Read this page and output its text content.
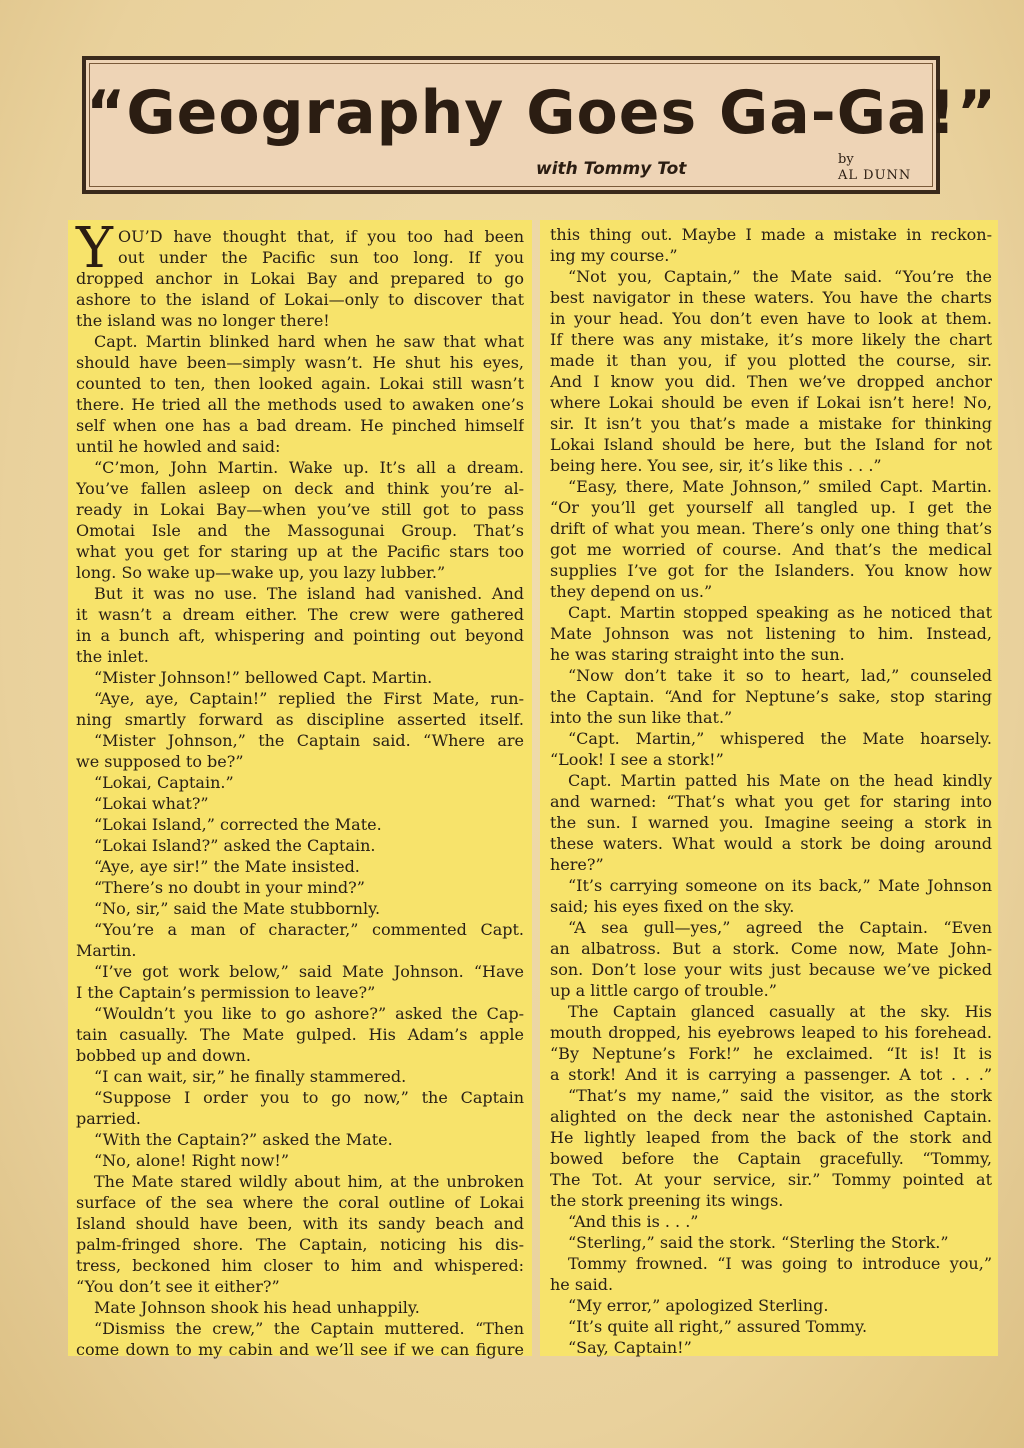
“Geography Goes Ga-Ga!”
with Tommy Tot	by
AL DUNN
Y OU’D have thought that, if you too had been
out under the Pacific sun too long. If you
dropped anchor in Lokai Bay and prepared to go
ashore to the island of Lokai—only to discover that
the island was no longer there!
Capt. Martin blinked hard when he saw that what
should have been—simply wasn’t. He shut his eyes,
counted to ten, then looked again. Lokai still wasn’t
there. He tried all the methods used to awaken one’s
self when one has a bad dream. He pinched himself
until he howled and said:
“C’mon, John Martin. Wake up. It’s all a dream.
You’ve fallen asleep on deck and think you’re al-
ready in Lokai Bay—when you’ve still got to pass
Omotai Isle and the Massogunai Group. That’s
what you get for staring up at the Pacific stars too
long. So wake up—wake up, you lazy lubber.”
But it was no use. The island had vanished. And
it wasn’t a dream either. The crew were gathered
in a bunch aft, whispering and pointing out beyond
the inlet.
“Mister Johnson!” bellowed Capt. Martin.
“Aye, aye, Captain!” replied the First Mate, run-
ning smartly forward as discipline asserted itself.
“Mister Johnson,” the Captain said. “Where are
we supposed to be?”
“Lokai, Captain.”
“Lokai what?”
“Lokai Island,” corrected the Mate.
“Lokai Island?” asked the Captain.
“Aye, aye sir!” the Mate insisted.
“There’s no doubt in your mind?”
“No, sir,” said the Mate stubbornly.
“You’re a man of character,” commented Capt.
Martin.
“I’ve got work below,” said Mate Johnson. “Have
I the Captain’s permission to leave?”
“Wouldn’t you like to go ashore?” asked the Cap-
tain casually. The Mate gulped. His Adam’s apple
bobbed up and down.
“I can wait, sir,” he finally stammered.
“Suppose I order you to go now,” the Captain
parried.
“With the Captain?” asked the Mate.
“No, alone! Right now!”
The Mate stared wildly about him, at the unbroken
surface of the sea where the coral outline of Lokai
Island should have been, with its sandy beach and
palm-fringed shore. The Captain, noticing his dis-
tress, beckoned him closer to him and whispered:
“You don’t see it either?”
Mate Johnson shook his head unhappily.
“Dismiss the crew,” the Captain muttered. “Then
come down to my cabin and we’ll see if we can figure
this thing out. Maybe I made a mistake in reckon-
ing my course.”
“Not you, Captain,” the Mate said. “You’re the
best navigator in these waters. You have the charts
in your head. You don’t even have to look at them.
If there was any mistake, it’s more likely the chart
made it than you, if you plotted the course, sir.
And I know you did. Then we’ve dropped anchor
where Lokai should be even if Lokai isn’t here! No,
sir. It isn’t you that’s made a mistake for thinking
Lokai Island should be here, but the Island for not
being here. You see, sir, it’s like this . . .”
“Easy, there, Mate Johnson,” smiled Capt. Martin.
“Or you’ll get yourself all tangled up. I get the
drift of what you mean. There’s only one thing that’s
got me worried of course. And that’s the medical
supplies I’ve got for the Islanders. You know how
they depend on us.”
Capt. Martin stopped speaking as he noticed that
Mate Johnson was not listening to him. Instead,
he was staring straight into the sun.
“Now don’t take it so to heart, lad,” counseled
the Captain. “And for Neptune’s sake, stop staring
into the sun like that.”
“Capt. Martin,” whispered the Mate hoarsely.
“Look! I see a stork!”
Capt. Martin patted his Mate on the head kindly
and warned: “That’s what you get for staring into
the sun. I warned you. Imagine seeing a stork in
these waters. What would a stork be doing around
here?”
“It’s carrying someone on its back,” Mate Johnson
said; his eyes fixed on the sky.
“A sea gull—yes,” agreed the Captain. “Even
an albatross. But a stork. Come now, Mate John-
son. Don’t lose your wits just because we’ve picked
up a little cargo of trouble.”
The Captain glanced casually at the sky. His
mouth dropped, his eyebrows leaped to his forehead.
“By Neptune’s Fork!” he exclaimed. “It is! It is
a stork! And it is carrying a passenger. A tot . . .”
“That’s my name,” said the visitor, as the stork
alighted on the deck near the astonished Captain.
He lightly leaped from the back of the stork and
bowed before the Captain gracefully. “Tommy,
The Tot. At your service, sir.” Tommy pointed at
the stork preening its wings.
“And this is . . .”
“Sterling,” said the stork. “Sterling the Stork.”
Tommy frowned. “I was going to introduce you,”
he said.
“My error,” apologized Sterling.
“It’s quite all right,” assured Tommy.
“Say, Captain!”
